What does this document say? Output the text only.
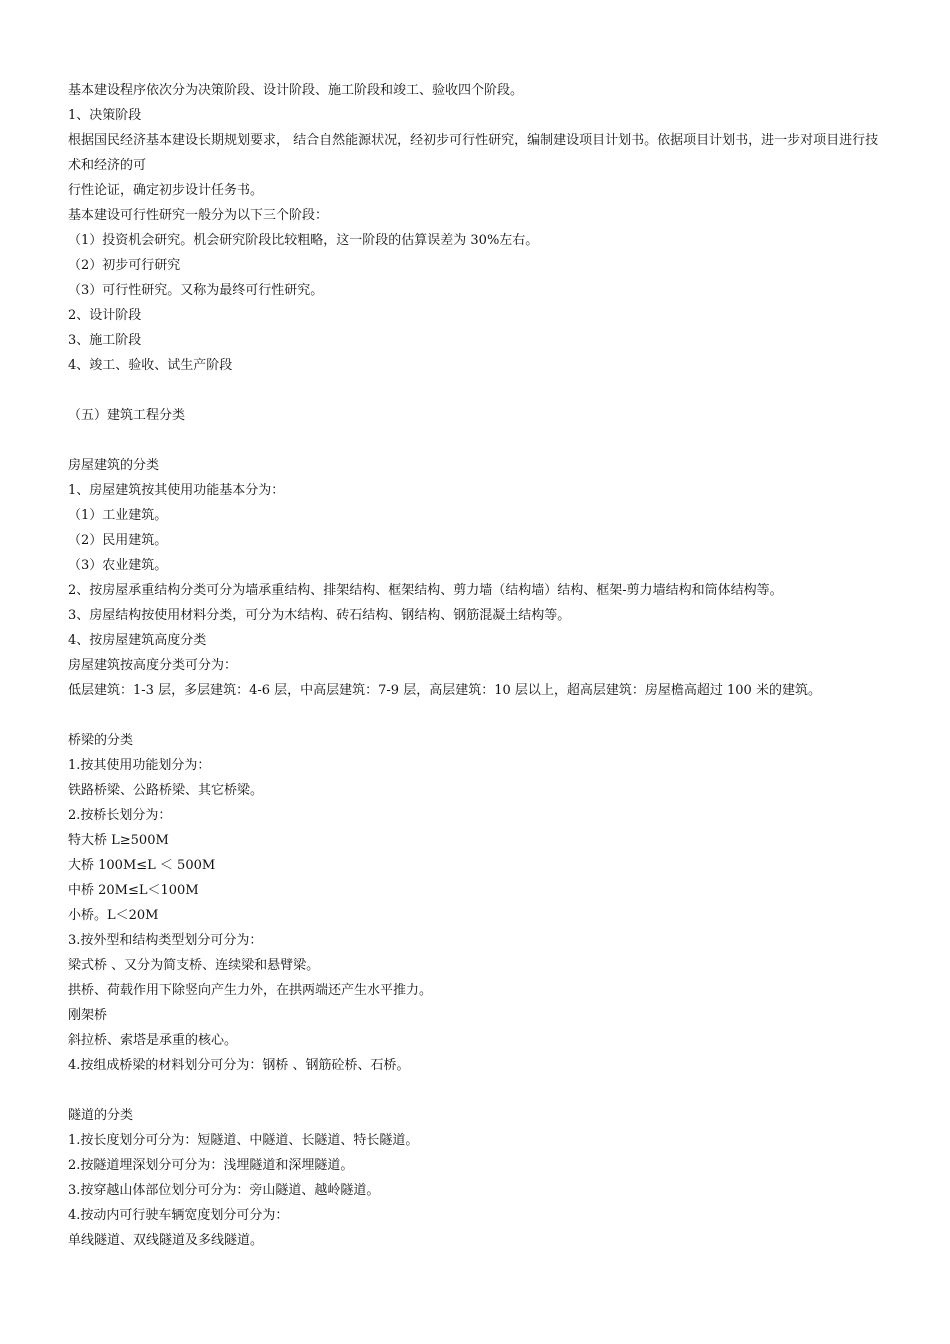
基本建设程序依次分为决策阶段、设计阶段、施工阶段和竣工、验收四个阶段。
1、决策阶段
根据国民经济基本建设长期规划要求， 结合自然能源状况，经初步可行性研究，编制建设项目计划书。依据项目计划书，进一步对项目进行技术和经济的可
行性论证，确定初步设计任务书。
基本建设可行性研究一般分为以下三个阶段：
（1）投资机会研究。机会研究阶段比较粗略，这一阶段的估算误差为 30%左右。
（2）初步可行研究
（3）可行性研究。又称为最终可行性研究。
2、设计阶段
3、施工阶段
4、竣工、验收、试生产阶段
（五）建筑工程分类
房屋建筑的分类
1、房屋建筑按其使用功能基本分为：
（1）工业建筑。
（2）民用建筑。
（3）农业建筑。
2、按房屋承重结构分类可分为墙承重结构、排架结构、框架结构、剪力墙（结构墙）结构、框架-剪力墙结构和筒体结构等。
3、房屋结构按使用材料分类，可分为木结构、砖石结构、钢结构、钢筋混凝土结构等。
4、按房屋建筑高度分类
房屋建筑按高度分类可分为：
低层建筑：1-3 层，多层建筑：4-6 层，中高层建筑：7-9 层，高层建筑：10 层以上，超高层建筑：房屋檐高超过 100 米的建筑。
桥梁的分类
1.按其使用功能划分为：
铁路桥梁、公路桥梁、其它桥梁。
2.按桥长划分为：
特大桥 L≥500M
大桥 100M≤L ＜ 500M
中桥 20M≤L＜100M
小桥。L＜20M
3.按外型和结构类型划分可分为：
梁式桥 、又分为简支桥、连续梁和悬臂梁。
拱桥、荷载作用下除竖向产生力外，在拱两端还产生水平推力。
刚架桥
斜拉桥、索塔是承重的核心。
4.按组成桥梁的材料划分可分为：钢桥 、钢筋砼桥、石桥。
隧道的分类
1.按长度划分可分为：短隧道、中隧道、长隧道、特长隧道。
2.按隧道埋深划分可分为：浅埋隧道和深埋隧道。
3.按穿越山体部位划分可分为：旁山隧道、越岭隧道。
4.按动内可行驶车辆宽度划分可分为：
单线隧道、双线隧道及多线隧道。
